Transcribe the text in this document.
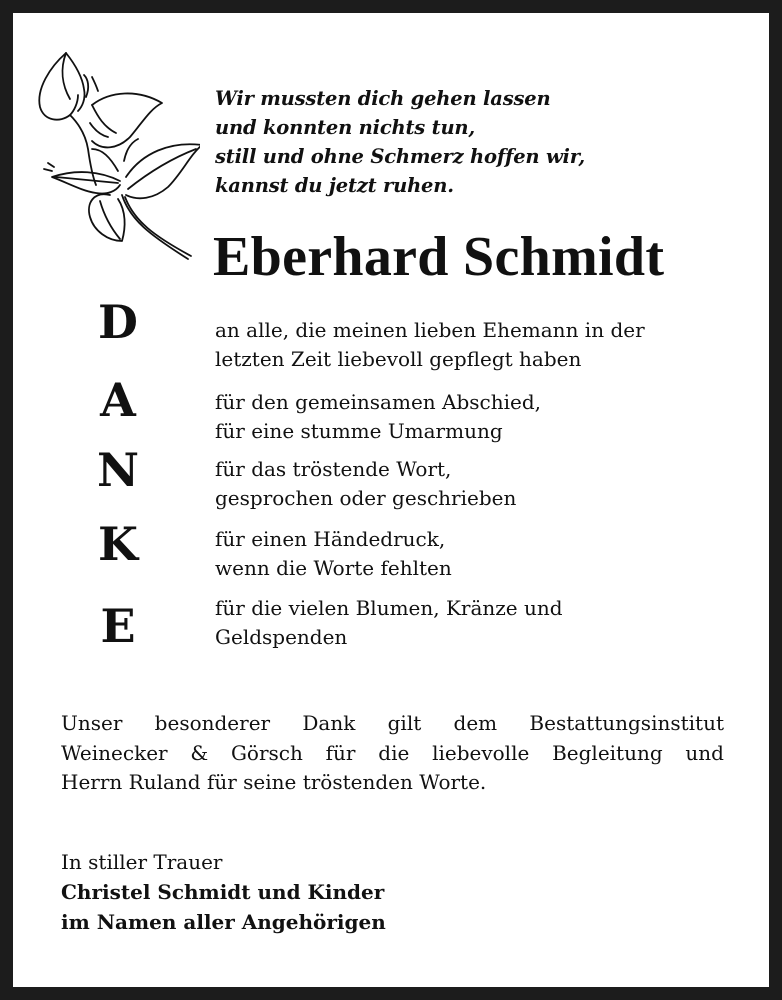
Wir mussten dich gehen lassen
und konnten nichts tun,
still und ohne Schmerz hoffen wir,
kannst du jetzt ruhen.
Eberhard Schmidt
D
A
N
K
E
an alle, die meinen lieben Ehemann in der
letzten Zeit liebevoll gepflegt haben
für den gemeinsamen Abschied,
für eine stumme Umarmung
für das tröstende Wort,
gesprochen oder geschrieben
für einen Händedruck,
wenn die Worte fehlten
für die vielen Blumen, Kränze und
Geldspenden
Unser besonderer Dank gilt dem Bestattungsinstitut
Weinecker & Görsch für die liebevolle Begleitung und
Herrn Ruland für seine tröstenden Worte.
In stiller Trauer
Christel Schmidt und Kinder
im Namen aller Angehörigen
